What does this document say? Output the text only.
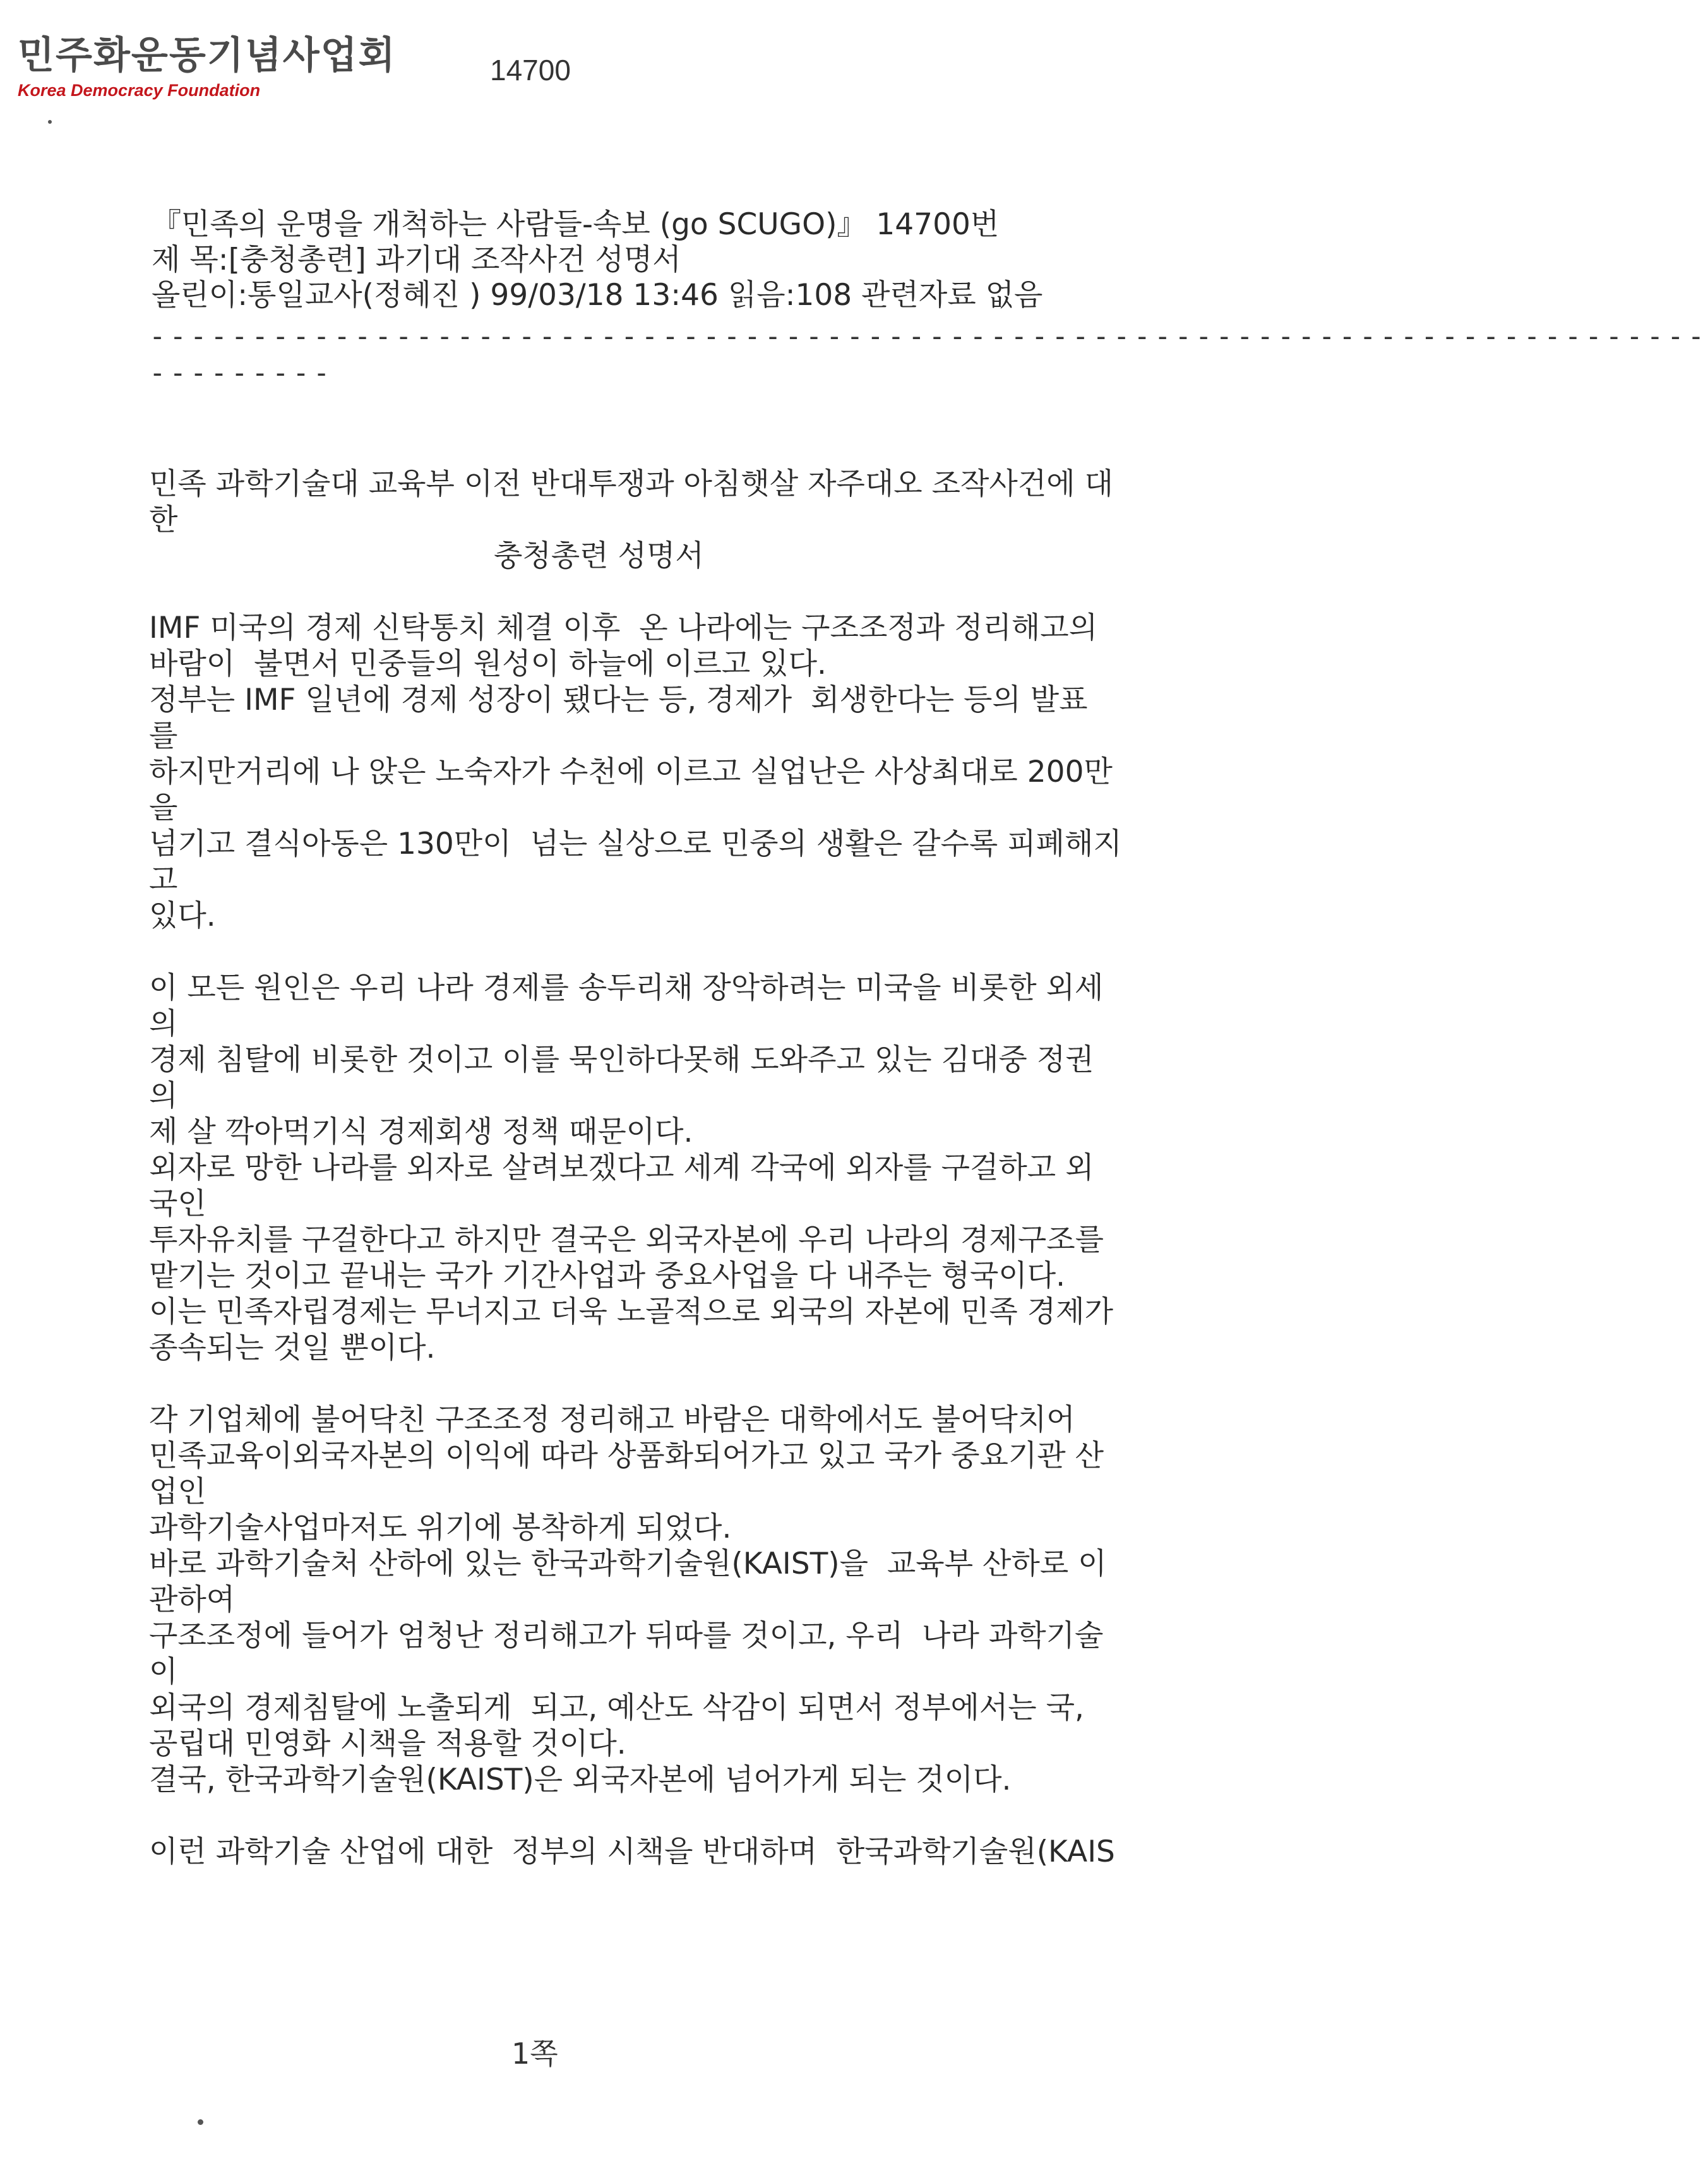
민주화운동기념사업회
Korea Democracy Foundation
14700
『민족의 운명을 개척하는 사람들-속보 (go SCUGO)』 14700번
제 목:[충청총련] 과기대 조작사건 성명서
올린이:통일교사(정혜진 ) 99/03/18 13:46 읽음:108 관련자료 없음
----------------------------------------------------------------------------
---------
민족 과학기술대 교육부 이전 반대투쟁과 아침햇살 자주대오 조작사건에 대
한
충청총련 성명서
IMF 미국의 경제 신탁통치 체결 이후  온 나라에는 구조조정과 정리해고의
바람이  불면서 민중들의 원성이 하늘에 이르고 있다.
정부는 IMF 일년에 경제 성장이 됐다는 등, 경제가  회생한다는 등의 발표
를
하지만거리에 나 앉은 노숙자가 수천에 이르고 실업난은 사상최대로 200만
을
넘기고 결식아동은 130만이  넘는 실상으로 민중의 생활은 갈수록 피폐해지
고
있다.
이 모든 원인은 우리 나라 경제를 송두리채 장악하려는 미국을 비롯한 외세
의
경제 침탈에 비롯한 것이고 이를 묵인하다못해 도와주고 있는 김대중 정권
의
제 살 깍아먹기식 경제회생 정책 때문이다.
외자로 망한 나라를 외자로 살려보겠다고 세계 각국에 외자를 구걸하고 외
국인
투자유치를 구걸한다고 하지만 결국은 외국자본에 우리 나라의 경제구조를
맡기는 것이고 끝내는 국가 기간사업과 중요사업을 다 내주는 형국이다.
이는 민족자립경제는 무너지고 더욱 노골적으로 외국의 자본에 민족 경제가
종속되는 것일 뿐이다.
각 기업체에 불어닥친 구조조정 정리해고 바람은 대학에서도 불어닥치어
민족교육이외국자본의 이익에 따라 상품화되어가고 있고 국가 중요기관 산
업인
과학기술사업마저도 위기에 봉착하게 되었다.
바로 과학기술처 산하에 있는 한국과학기술원(KAIST)을  교육부 산하로 이
관하여
구조조정에 들어가 엄청난 정리해고가 뒤따를 것이고, 우리  나라 과학기술
이
외국의 경제침탈에 노출되게  되고, 예산도 삭감이 되면서 정부에서는 국,
공립대 민영화 시책을 적용할 것이다.
결국, 한국과학기술원(KAIST)은 외국자본에 넘어가게 되는 것이다.
이런 과학기술 산업에 대한  정부의 시책을 반대하며  한국과학기술원(KAIS
1쪽
